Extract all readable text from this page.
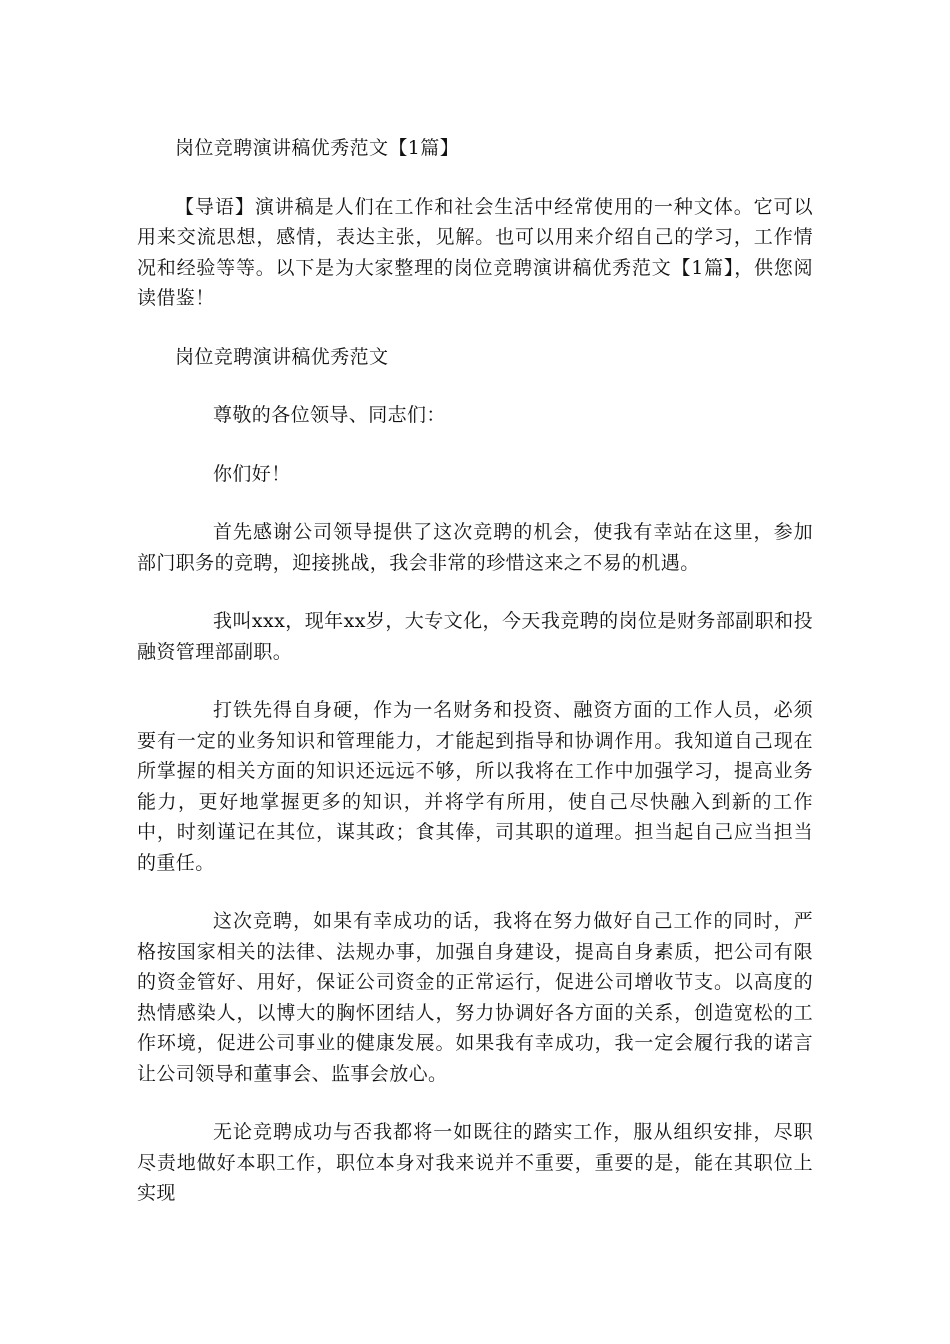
岗位竞聘演讲稿优秀范文【1篇】

【导语】演讲稿是人们在工作和社会生活中经常使用的一种文体。它可以用来交流思想，感情，表达主张，见解。也可以用来介绍自己的学习，工作情况和经验等等。以下是为大家整理的岗位竞聘演讲稿优秀范文【1篇】，供您阅读借鉴！

岗位竞聘演讲稿优秀范文

尊敬的各位领导、同志们：

你们好！

首先感谢公司领导提供了这次竞聘的机会，使我有幸站在这里，参加部门职务的竞聘，迎接挑战，我会非常的珍惜这来之不易的机遇。

我叫xxx，现年xx岁，大专文化，今天我竞聘的岗位是财务部副职和投融资管理部副职。

打铁先得自身硬，作为一名财务和投资、融资方面的工作人员，必须要有一定的业务知识和管理能力，才能起到指导和协调作用。我知道自己现在所掌握的相关方面的知识还远远不够，所以我将在工作中加强学习，提高业务能力，更好地掌握更多的知识，并将学有所用，使自己尽快融入到新的工作中，时刻谨记在其位，谋其政；食其俸，司其职的道理。担当起自己应当担当的重任。

这次竞聘，如果有幸成功的话，我将在努力做好自己工作的同时，严格按国家相关的法律、法规办事，加强自身建设，提高自身素质，把公司有限的资金管好、用好，保证公司资金的正常运行，促进公司增收节支。以高度的热情感染人，以博大的胸怀团结人，努力协调好各方面的关系，创造宽松的工作环境，促进公司事业的健康发展。如果我有幸成功，我一定会履行我的诺言让公司领导和董事会、监事会放心。

无论竞聘成功与否我都将一如既往的踏实工作，服从组织安排，尽职尽责地做好本职工作，职位本身对我来说并不重要，重要的是，能在其职位上实现
